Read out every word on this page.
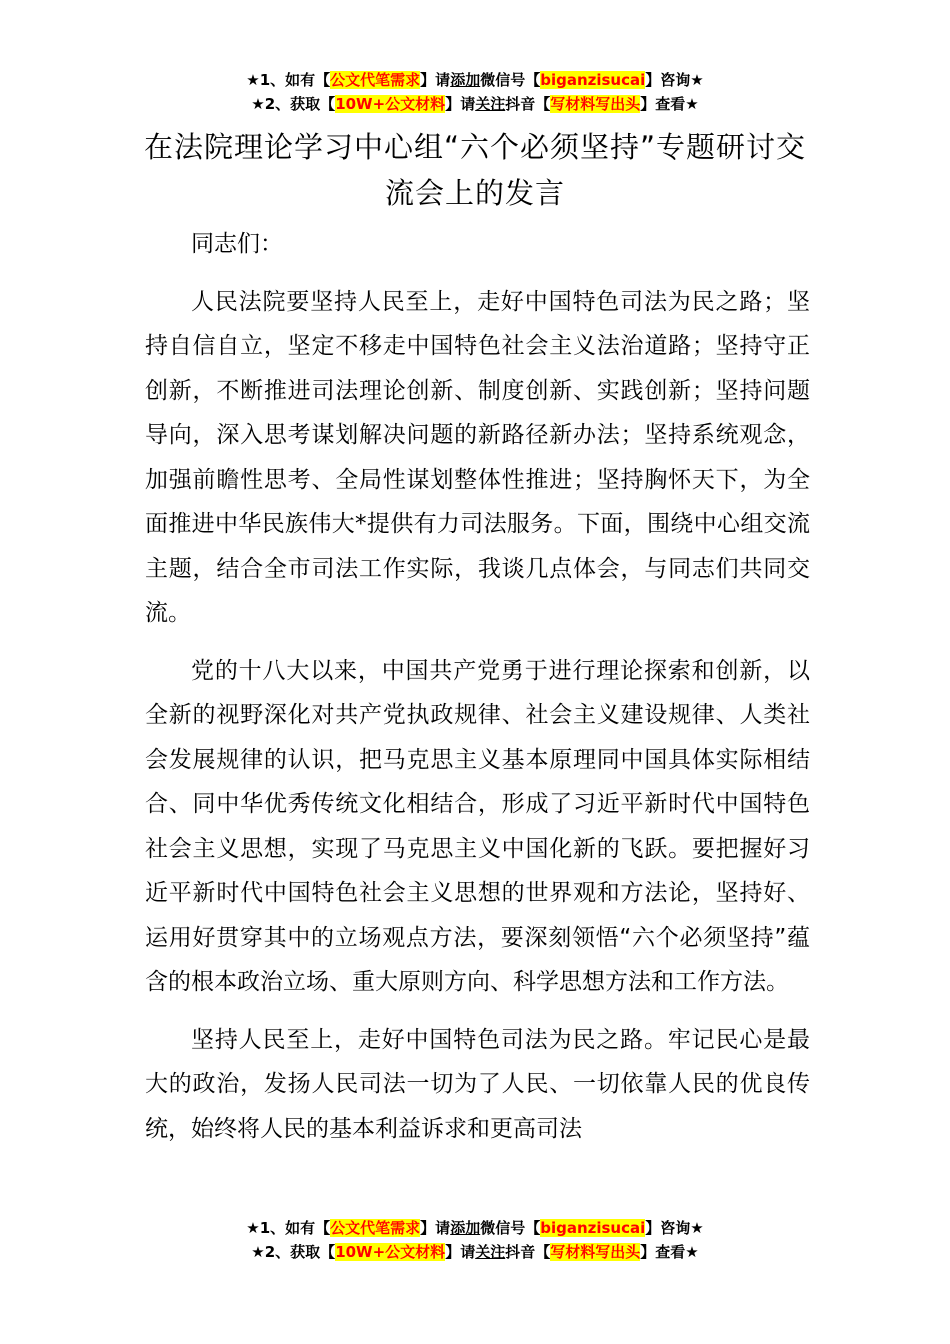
★1、如有【公文代笔需求】请添加微信号【biganzisucai】咨询★
★2、获取【10W+公文材料】请关注抖音【写材料写出头】查看★
在法院理论学习中心组“六个必须坚持”专题研讨交流会上的发言

同志们：

人民法院要坚持人民至上，走好中国特色司法为民之路；坚持自信自立，坚定不移走中国特色社会主义法治道路；坚持守正创新，不断推进司法理论创新、制度创新、实践创新；坚持问题导向，深入思考谋划解决问题的新路径新办法；坚持系统观念，加强前瞻性思考、全局性谋划整体性推进；坚持胸怀天下，为全面推进中华民族伟大*提供有力司法服务。下面，围绕中心组交流主题，结合全市司法工作实际，我谈几点体会，与同志们共同交流。

党的十八大以来，中国共产党勇于进行理论探索和创新，以全新的视野深化对共产党执政规律、社会主义建设规律、人类社会发展规律的认识，把马克思主义基本原理同中国具体实际相结合、同中华优秀传统文化相结合，形成了习近平新时代中国特色社会主义思想，实现了马克思主义中国化新的飞跃。要把握好习近平新时代中国特色社会主义思想的世界观和方法论，坚持好、运用好贯穿其中的立场观点方法，要深刻领悟“六个必须坚持”蕴含的根本政治立场、重大原则方向、科学思想方法和工作方法。

坚持人民至上，走好中国特色司法为民之路。牢记民心是最大的政治，发扬人民司法一切为了人民、一切依靠人民的优良传统，始终将人民的基本利益诉求和更高司法

★1、如有【公文代笔需求】请添加微信号【biganzisucai】咨询★
★2、获取【10W+公文材料】请关注抖音【写材料写出头】查看★
